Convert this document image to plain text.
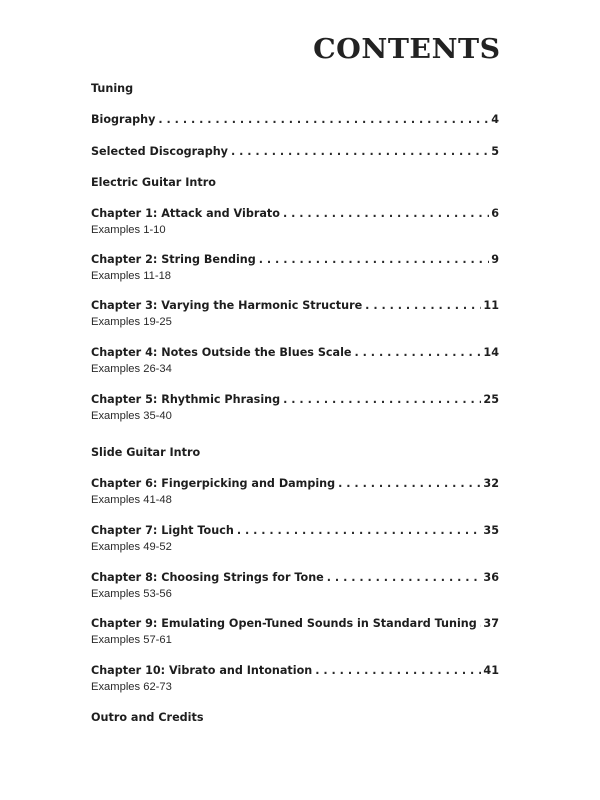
CONTENTS
Tuning
Biography . . .	4
Selected Discography . . .	5
Electric Guitar Intro
Chapter 1: Attack and Vibrato . . .	6
Examples 1-10
Chapter 2: String Bending . . .	9
Examples 11-18
Chapter 3: Varying the Harmonic Structure . . .	11
Examples 19-25
Chapter 4: Notes Outside the Blues Scale . . .	14
Examples 26-34
Chapter 5: Rhythmic Phrasing . . .	25
Examples 35-40
Slide Guitar Intro
Chapter 6: Fingerpicking and Damping . . .	32
Examples 41-48
Chapter 7: Light Touch . . .	35
Examples 49-52
Chapter 8: Choosing Strings for Tone . . .	36
Examples 53-56
Chapter 9: Emulating Open-Tuned Sounds in Standard Tuning . . . 37
Examples 57-61
Chapter 10: Vibrato and Intonation . . .	41
Examples 62-73
Outro and Credits
